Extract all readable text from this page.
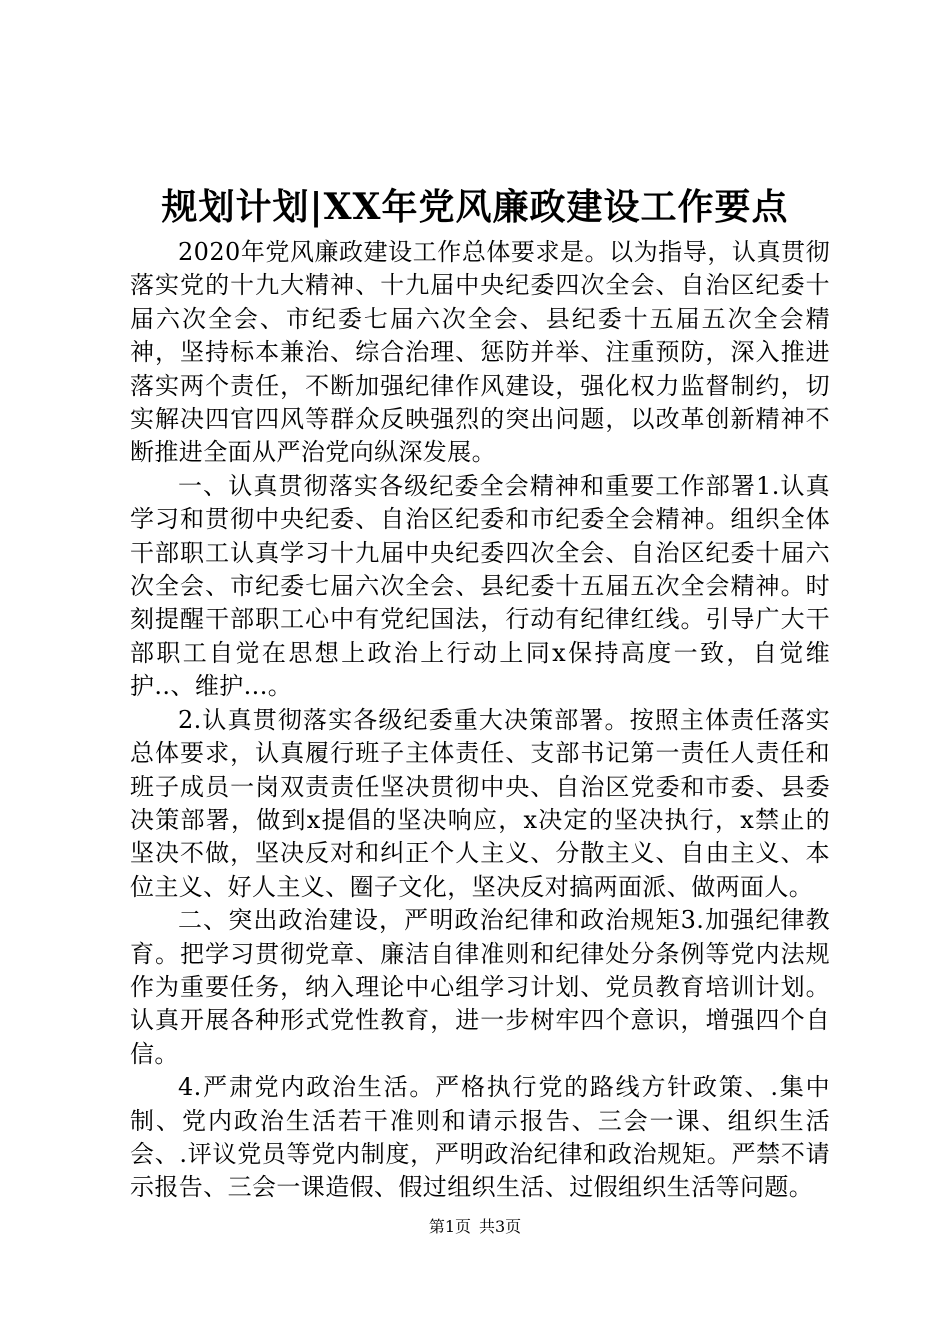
规划计划|XX年党风廉政建设工作要点

2020年党风廉政建设工作总体要求是。以为指导，认真贯彻落实党的十九大精神、十九届中央纪委四次全会、自治区纪委十届六次全会、市纪委七届六次全会、县纪委十五届五次全会精神，坚持标本兼治、综合治理、惩防并举、注重预防，深入推进落实两个责任，不断加强纪律作风建设，强化权力监督制约，切实解决四官四风等群众反映强烈的突出问题，以改革创新精神不断推进全面从严治党向纵深发展。

一、认真贯彻落实各级纪委全会精神和重要工作部署1.认真学习和贯彻中央纪委、自治区纪委和市纪委全会精神。组织全体干部职工认真学习十九届中央纪委四次全会、自治区纪委十届六次全会、市纪委七届六次全会、县纪委十五届五次全会精神。时刻提醒干部职工心中有党纪国法，行动有纪律红线。引导广大干部职工自觉在思想上政治上行动上同x保持高度一致，自觉维护..、维护...。

2.认真贯彻落实各级纪委重大决策部署。按照主体责任落实总体要求，认真履行班子主体责任、支部书记第一责任人责任和班子成员一岗双责责任坚决贯彻中央、自治区党委和市委、县委决策部署，做到x提倡的坚决响应，x决定的坚决执行，x禁止的坚决不做，坚决反对和纠正个人主义、分散主义、自由主义、本位主义、好人主义、圈子文化，坚决反对搞两面派、做两面人。

二、突出政治建设，严明政治纪律和政治规矩3.加强纪律教育。把学习贯彻党章、廉洁自律准则和纪律处分条例等党内法规作为重要任务，纳入理论中心组学习计划、党员教育培训计划。认真开展各种形式党性教育，进一步树牢四个意识，增强四个自信。

4.严肃党内政治生活。严格执行党的路线方针政策、.集中制、党内政治生活若干准则和请示报告、三会一课、组织生活会、.评议党员等党内制度，严明政治纪律和政治规矩。严禁不请示报告、三会一课造假、假过组织生活、过假组织生活等问题。

第1页 共3页
